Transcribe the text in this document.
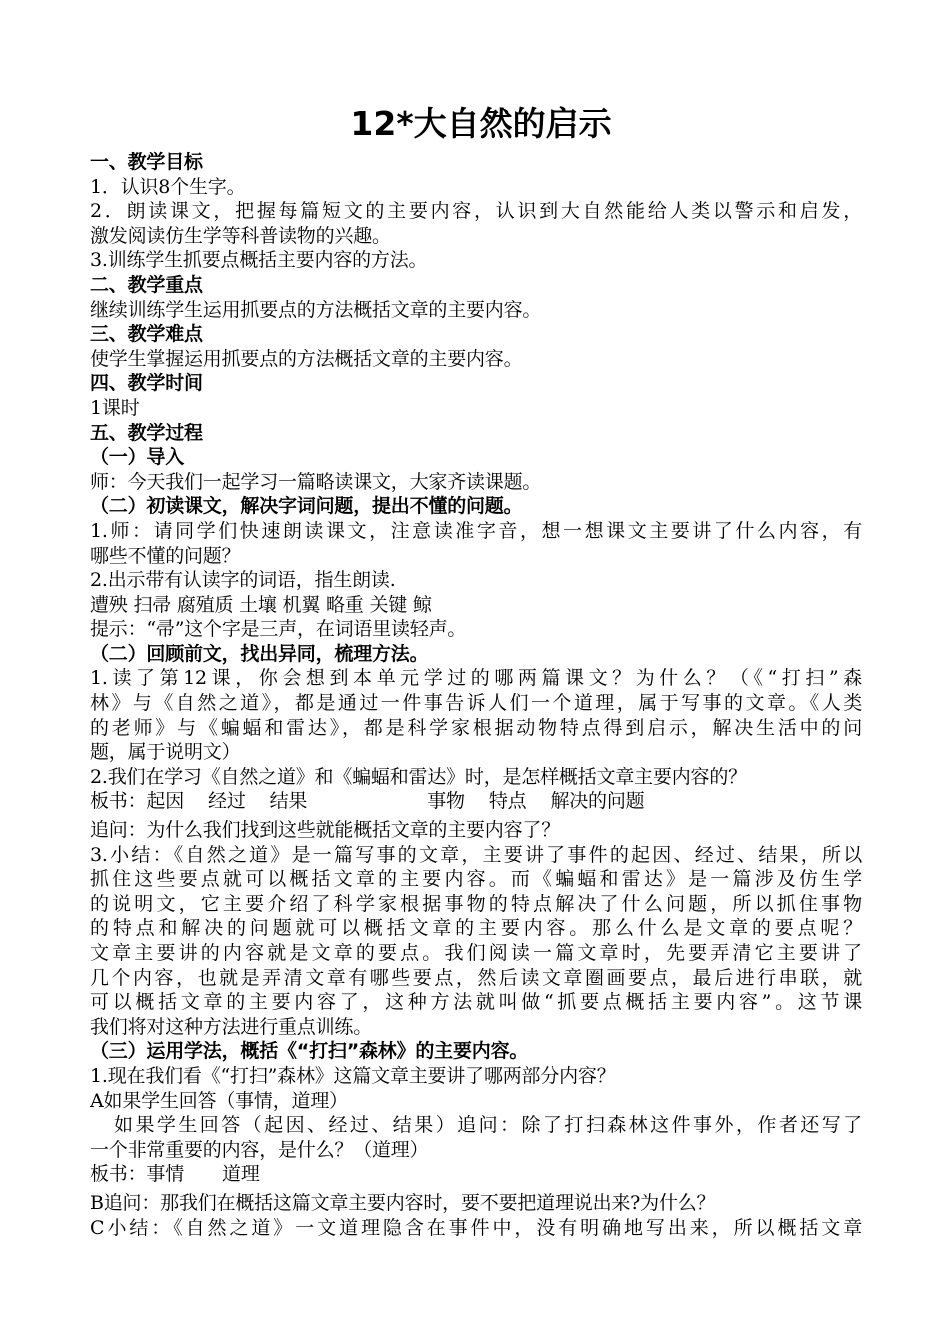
12*大自然的启示
一、教学目标
1．认识8个生字。
2．朗读课文，把握每篇短文的主要内容，认识到大自然能给人类以警示和启发，
激发阅读仿生学等科普读物的兴趣。
3.训练学生抓要点概括主要内容的方法。
二、教学重点
继续训练学生运用抓要点的方法概括文章的主要内容。
三、教学难点
使学生掌握运用抓要点的方法概括文章的主要内容。
四、教学时间
1课时
五、教学过程
（一）导入
师：今天我们一起学习一篇略读课文，大家齐读课题。
（二）初读课文，解决字词问题，提出不懂的问题。
1.师：请同学们快速朗读课文，注意读准字音，想一想课文主要讲了什么内容，有
哪些不懂的问题？
2.出示带有认读字的词语，指生朗读.
遭殃 扫帚 腐殖质 土壤 机翼 略重 关键 鲸
提示：“帚”这个字是三声，在词语里读轻声。
（二）回顾前文，找出异同，梳理方法。
1.读了第12课，你会想到本单元学过的哪两篇课文？为什么？（《“打扫”森
林》与《自然之道》，都是通过一件事告诉人们一个道理，属于写事的文章。《人类
的老师》与《蝙蝠和雷达》，都是科学家根据动物特点得到启示，解决生活中的问
题，属于说明文）
2.我们在学习《自然之道》和《蝙蝠和雷达》时，是怎样概括文章主要内容的？
板书：起因 经过 结果	事物 特点 解决的问题
追问：为什么我们找到这些就能概括文章的主要内容了？
3.小结：《自然之道》是一篇写事的文章，主要讲了事件的起因、经过、结果，所以
抓住这些要点就可以概括文章的主要内容。而《蝙蝠和雷达》是一篇涉及仿生学
的说明文，它主要介绍了科学家根据事物的特点解决了什么问题，所以抓住事物
的特点和解决的问题就可以概括文章的主要内容。那么什么是文章的要点呢？
文章主要讲的内容就是文章的要点。我们阅读一篇文章时，先要弄清它主要讲了
几个内容，也就是弄清文章有哪些要点，然后读文章圈画要点，最后进行串联，就
可以概括文章的主要内容了，这种方法就叫做“抓要点概括主要内容”。这节课
我们将对这种方法进行重点训练。
（三）运用学法，概括《“打扫”森林》的主要内容。
1.现在我们看《“打扫”森林》这篇文章主要讲了哪两部分内容？
A如果学生回答（事情，道理）
如果学生回答（起因、经过、结果）追问：除了打扫森林这件事外，作者还写了
一个非常重要的内容，是什么？（道理）
板书：事情 道理
B追问：那我们在概括这篇文章主要内容时，要不要把道理说出来?为什么？
C小结：《自然之道》一文道理隐含在事件中，没有明确地写出来，所以概括文章
